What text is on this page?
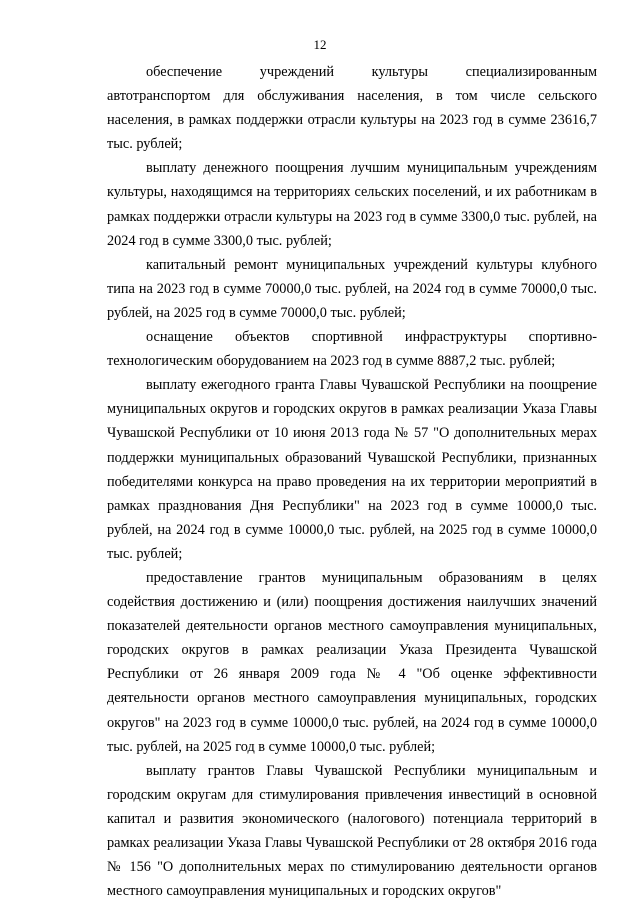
12

обеспечение учреждений культуры специализированным автотранспортом для обслуживания населения, в том числе сельского населения, в рамках поддержки отрасли культуры на 2023 год в сумме 23616,7 тыс. рублей;

выплату денежного поощрения лучшим муниципальным учреждениям культуры, находящимся на территориях сельских поселений, и их работникам в рамках поддержки отрасли культуры на 2023 год в сумме 3300,0 тыс. рублей, на 2024 год в сумме 3300,0 тыс. рублей;

капитальный ремонт муниципальных учреждений культуры клубного типа на 2023 год в сумме 70000,0 тыс. рублей, на 2024 год в сумме 70000,0 тыс. рублей, на 2025 год в сумме 70000,0 тыс. рублей;

оснащение объектов спортивной инфраструктуры спортивно-технологическим оборудованием на 2023 год в сумме 8887,2 тыс. рублей;

выплату ежегодного гранта Главы Чувашской Республики на поощрение муниципальных округов и городских округов в рамках реализации Указа Главы Чувашской Республики от 10 июня 2013 года № 57 "О дополнительных мерах поддержки муниципальных образований Чувашской Республики, признанных победителями конкурса на право проведения на их территории мероприятий в рамках празднования Дня Республики" на 2023 год в сумме 10000,0 тыс. рублей, на 2024 год в сумме 10000,0 тыс. рублей, на 2025 год в сумме 10000,0 тыс. рублей;

предоставление грантов муниципальным образованиям в целях содействия достижению и (или) поощрения достижения наилучших значений показателей деятельности органов местного самоуправления муниципальных, городских округов в рамках реализации Указа Президента Чувашской Республики от 26 января 2009 года № 4 "Об оценке эффективности деятельности органов местного самоуправления муниципальных, городских округов" на 2023 год в сумме 10000,0 тыс. рублей, на 2024 год в сумме 10000,0 тыс. рублей, на 2025 год в сумме 10000,0 тыс. рублей;

выплату грантов Главы Чувашской Республики муниципальным и городским округам для стимулирования привлечения инвестиций в основной капитал и развития экономического (налогового) потенциала территорий в рамках реализации Указа Главы Чувашской Республики от 28 октября 2016 года № 156 "О дополнительных мерах по стимулированию деятельности органов местного самоуправления муниципальных и городских округов"
